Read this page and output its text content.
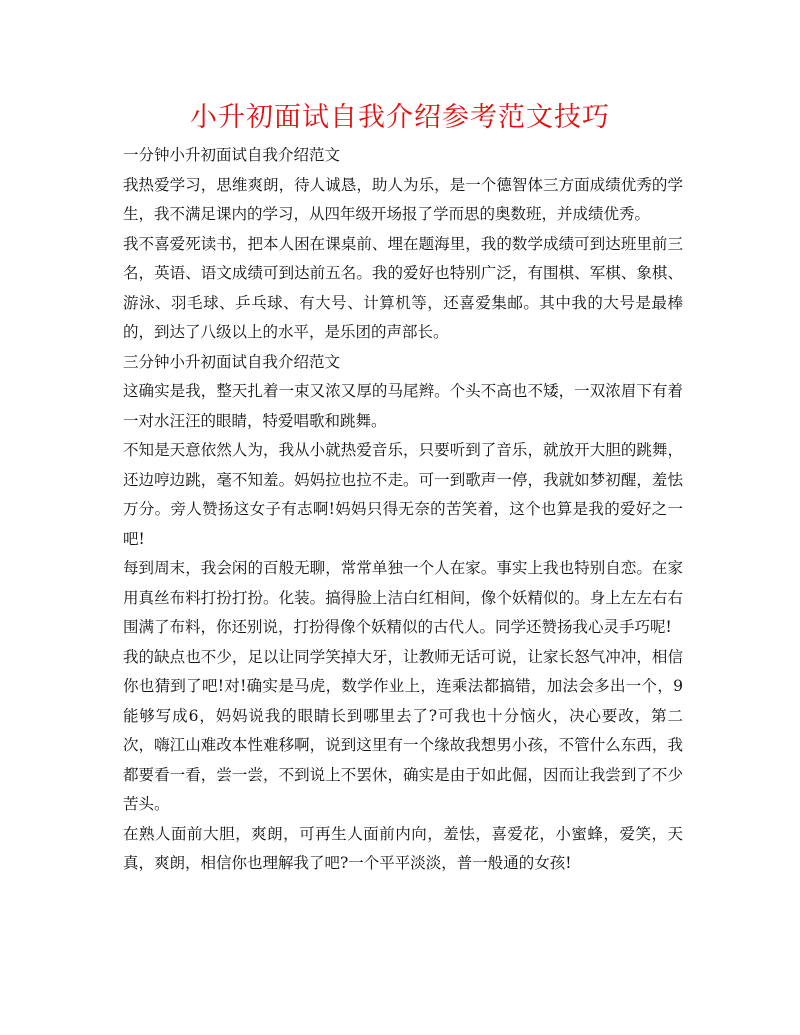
小升初面试自我介绍参考范文技巧

一分钟小升初面试自我介绍范文

我热爱学习，思维爽朗，待人诚恳，助人为乐，是一个德智体三方面成绩优秀的学生，我不满足课内的学习，从四年级开场报了学而思的奥数班，并成绩优秀。

我不喜爱死读书，把本人困在课桌前、埋在题海里，我的数学成绩可到达班里前三名，英语、语文成绩可到达前五名。我的爱好也特别广泛，有围棋、军棋、象棋、游泳、羽毛球、乒乓球、有大号、计算机等，还喜爱集邮。其中我的大号是最棒的，到达了八级以上的水平，是乐团的声部长。

三分钟小升初面试自我介绍范文

这确实是我，整天扎着一束又浓又厚的马尾辫。个头不高也不矮，一双浓眉下有着一对水汪汪的眼睛，特爱唱歌和跳舞。

不知是天意依然人为，我从小就热爱音乐，只要听到了音乐，就放开大胆的跳舞，还边哼边跳，毫不知羞。妈妈拉也拉不走。可一到歌声一停，我就如梦初醒，羞怯万分。旁人赞扬这女子有志啊!妈妈只得无奈的苦笑着，这个也算是我的爱好之一吧!

每到周末，我会闲的百般无聊，常常单独一个人在家。事实上我也特别自恋。在家用真丝布料打扮打扮。化装。搞得脸上洁白红相间，像个妖精似的。身上左左右右围满了布料，你还别说，打扮得像个妖精似的古代人。同学还赞扬我心灵手巧呢!

我的缺点也不少，足以让同学笑掉大牙，让教师无话可说，让家长怒气冲冲，相信你也猜到了吧!对!确实是马虎，数学作业上，连乘法都搞错，加法会多出一个，9能够写成6，妈妈说我的眼睛长到哪里去了?可我也十分恼火，决心要改，第二次，嗨江山难改本性难移啊，说到这里有一个缘故我想男小孩，不管什么东西，我都要看一看，尝一尝，不到说上不罢休，确实是由于如此倔，因而让我尝到了不少苦头。

在熟人面前大胆，爽朗，可再生人面前内向，羞怯，喜爱花，小蜜蜂，爱笑，天真，爽朗，相信你也理解我了吧?一个平平淡淡，普一般通的女孩!
